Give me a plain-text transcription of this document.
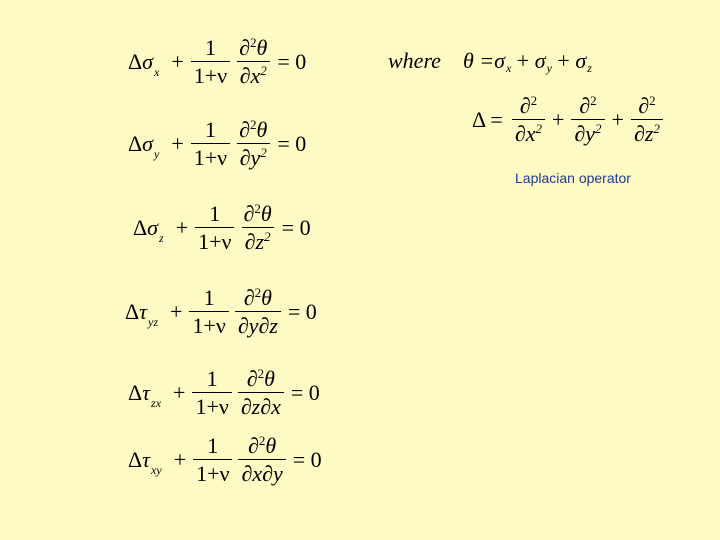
Δ σ $x + \frac{1}{1+\nu} \frac{\partial^2\theta}{\partial x^2} = 0$
Δ σ $y + \frac{1}{1+\nu} \frac{\partial^2\theta}{\partial y^2} = 0$
Δ σ $z + \frac{1}{1+\nu} \frac{\partial^2\theta}{\partial z^2} = 0$
Δ τ yz + $\frac{1}{1+\nu} \frac{\partial^2\theta}{\partial y\partial z} = 0$
Δ τ zx + $\frac{1}{1+\nu} \frac{\partial^2\theta}{\partial z\partial x} = 0$
Δ τ xy + $\frac{1}{1+\nu} \frac{\partial^2\theta}{\partial x\partial y} = 0$
where θ = σ x + σ y + σ z
$\Delta = \frac{\partial^2}{\partial x^2} + \frac{\partial^2}{\partial y^2} + \frac{\partial^2}{\partial z^2}$
Laplacian operator
